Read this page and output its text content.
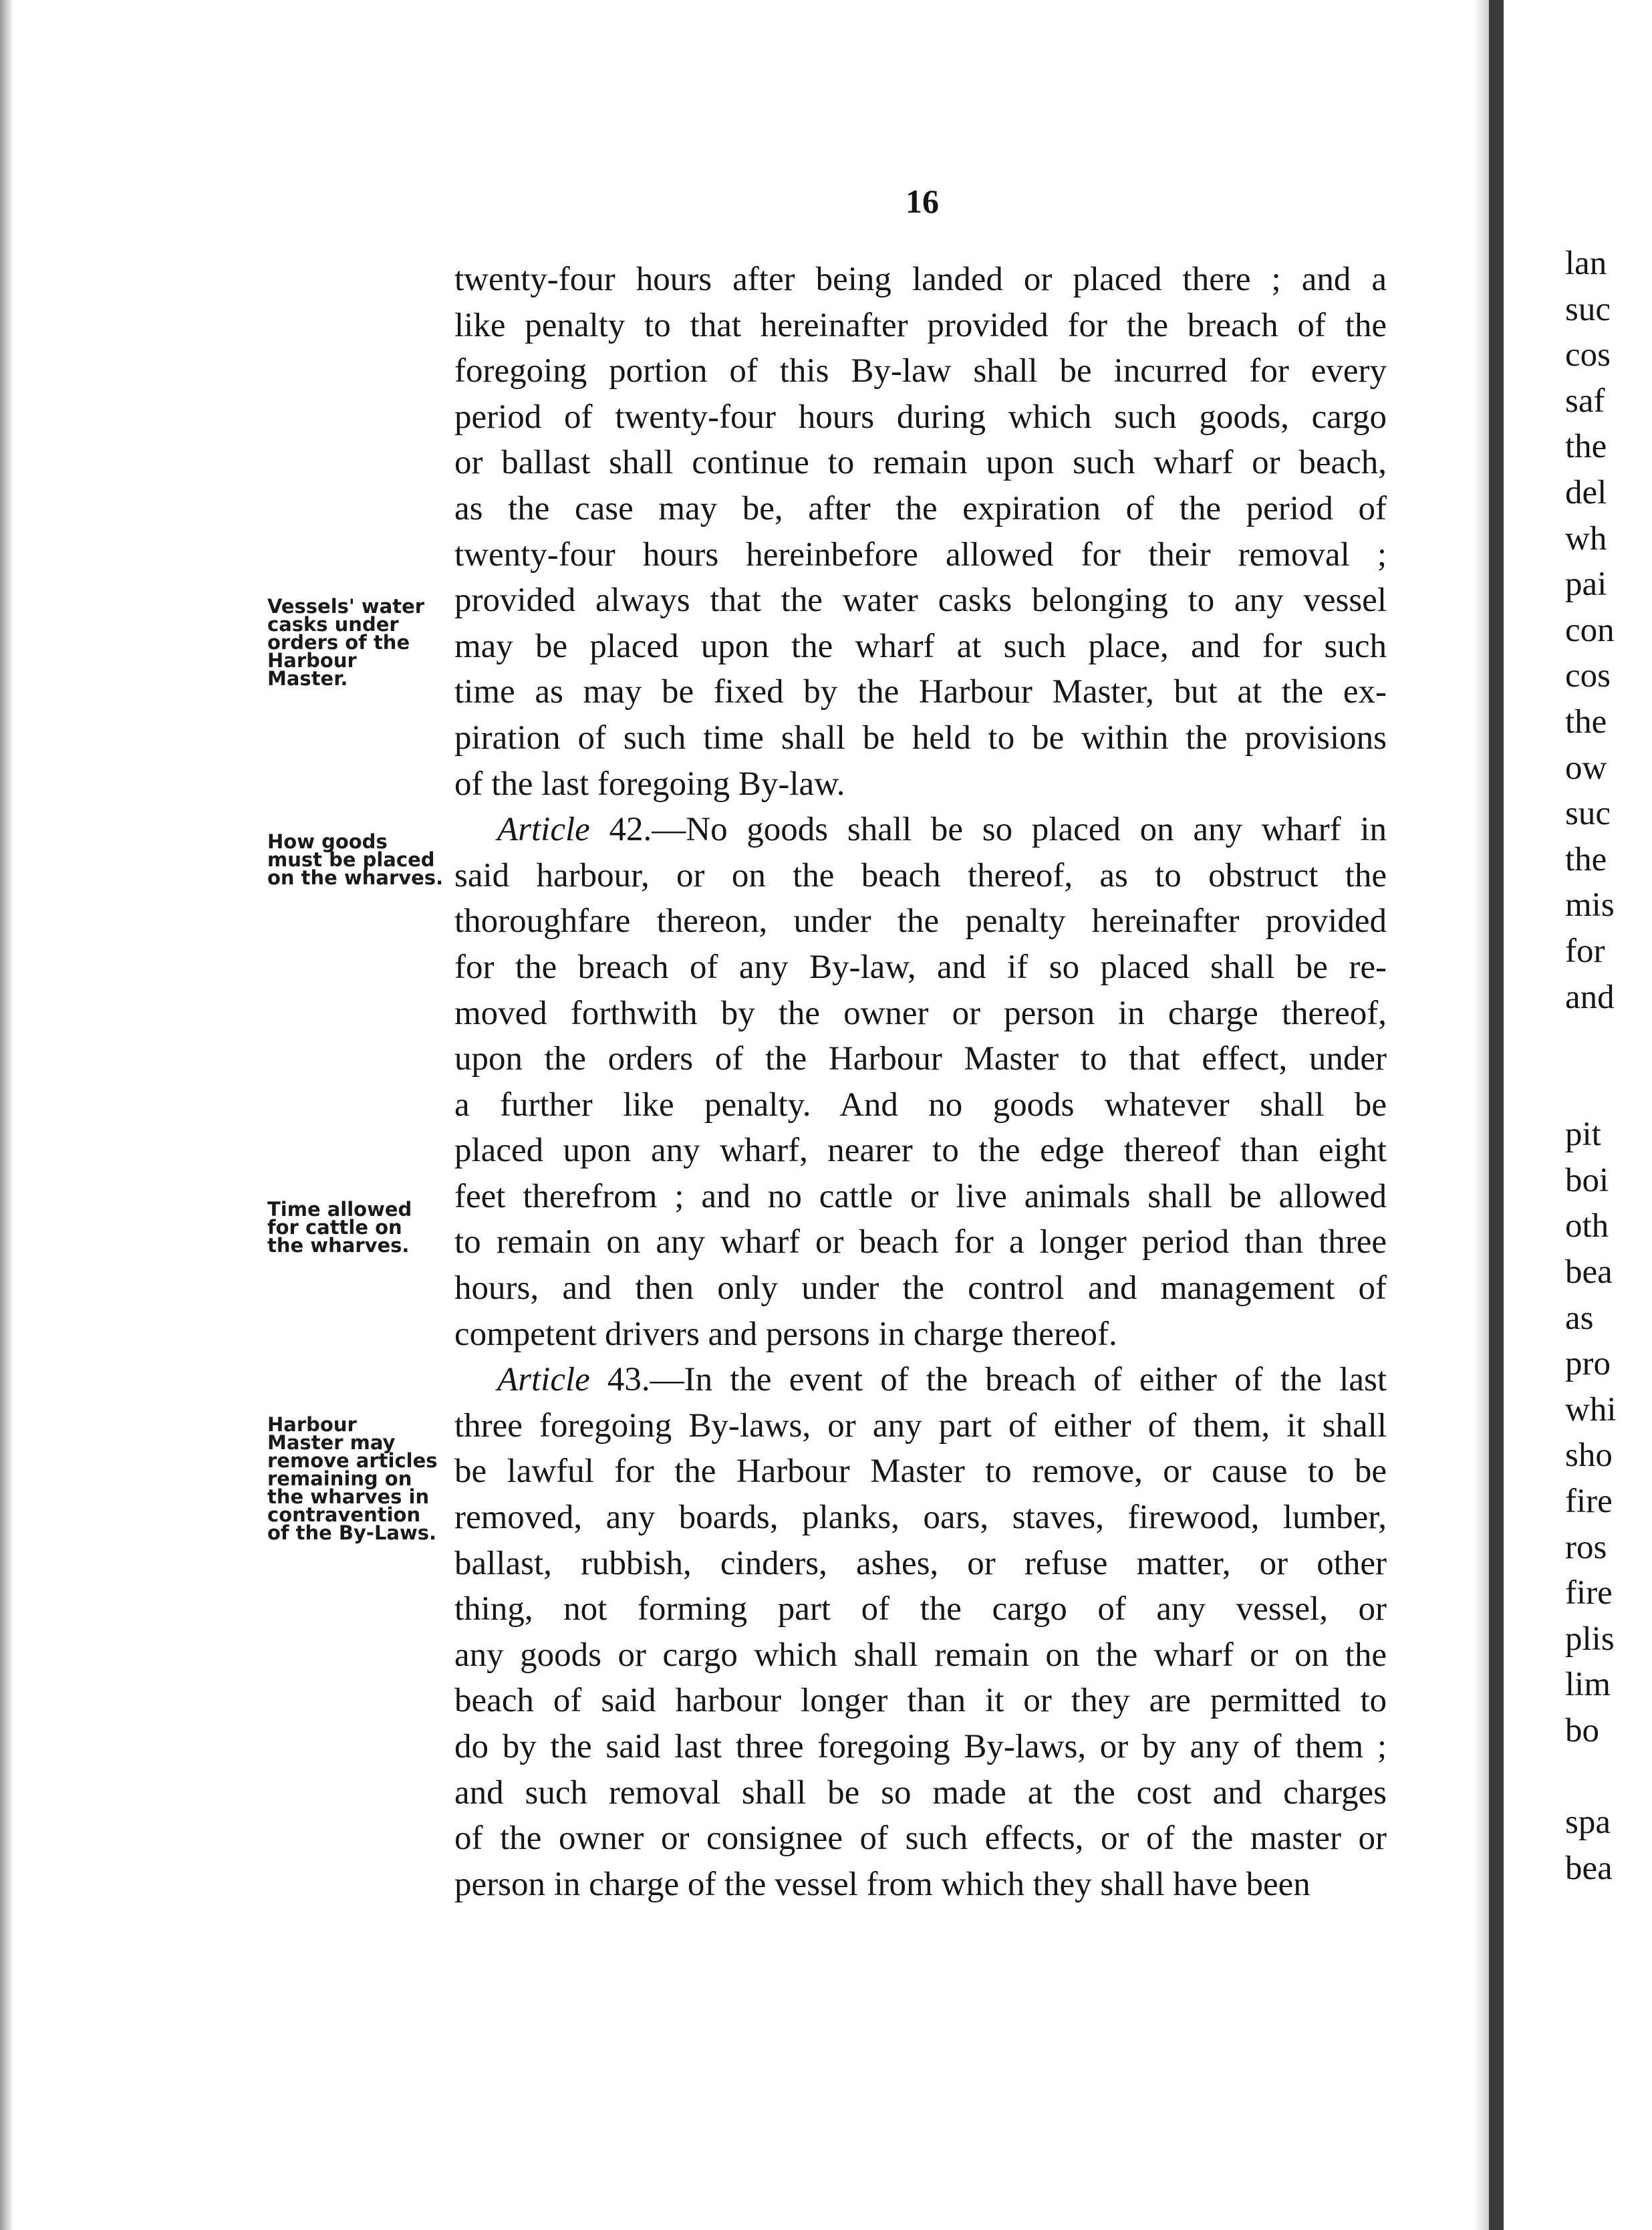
16
twenty-four hours after being landed or placed there ; and a
like penalty to that hereinafter provided for the breach of the
foregoing portion of this By-law shall be incurred for every
period of twenty-four hours during which such goods, cargo
or ballast shall continue to remain upon such wharf or beach,
as the case may be, after the expiration of the period of
twenty-four hours hereinbefore allowed for their removal ;
provided always that the water casks belonging to any vessel
may be placed upon the wharf at such place, and for such
time as may be fixed by the Harbour Master, but at the ex-
piration of such time shall be held to be within the provisions
of the last foregoing By-law.
Article 42.—No goods shall be so placed on any wharf in
said harbour, or on the beach thereof, as to obstruct the
thoroughfare thereon, under the penalty hereinafter provided
for the breach of any By-law, and if so placed shall be re-
moved forthwith by the owner or person in charge thereof,
upon the orders of the Harbour Master to that effect, under
a further like penalty. And no goods whatever shall be
placed upon any wharf, nearer to the edge thereof than eight
feet therefrom ; and no cattle or live animals shall be allowed
to remain on any wharf or beach for a longer period than three
hours, and then only under the control and management of
competent drivers and persons in charge thereof.
Article 43.—In the event of the breach of either of the last
three foregoing By-laws, or any part of either of them, it shall
be lawful for the Harbour Master to remove, or cause to be
removed, any boards, planks, oars, staves, firewood, lumber,
ballast, rubbish, cinders, ashes, or refuse matter, or other
thing, not forming part of the cargo of any vessel, or
any goods or cargo which shall remain on the wharf or on the
beach of said harbour longer than it or they are permitted to
do by the said last three foregoing By-laws, or by any of them ;
and such removal shall be so made at the cost and charges
of the owner or consignee of such effects, or of the master or
person in charge of the vessel from which they shall have been
Vessels' water
casks under
orders of the
Harbour
Master.
How goods
must be placed
on the wharves.
Time allowed
for cattle on
the wharves.
Harbour
Master may
remove articles
remaining on
the wharves in
contravention
of the By-Laws.
lan
suc
cos
saf
the
del
wh
pai
con
cos
the
ow
suc
the
mis
for
and
pit
boi
oth
bea
as
pro
whi
sho
fire
ros
fire
plis
lim
bo
spa
bea
